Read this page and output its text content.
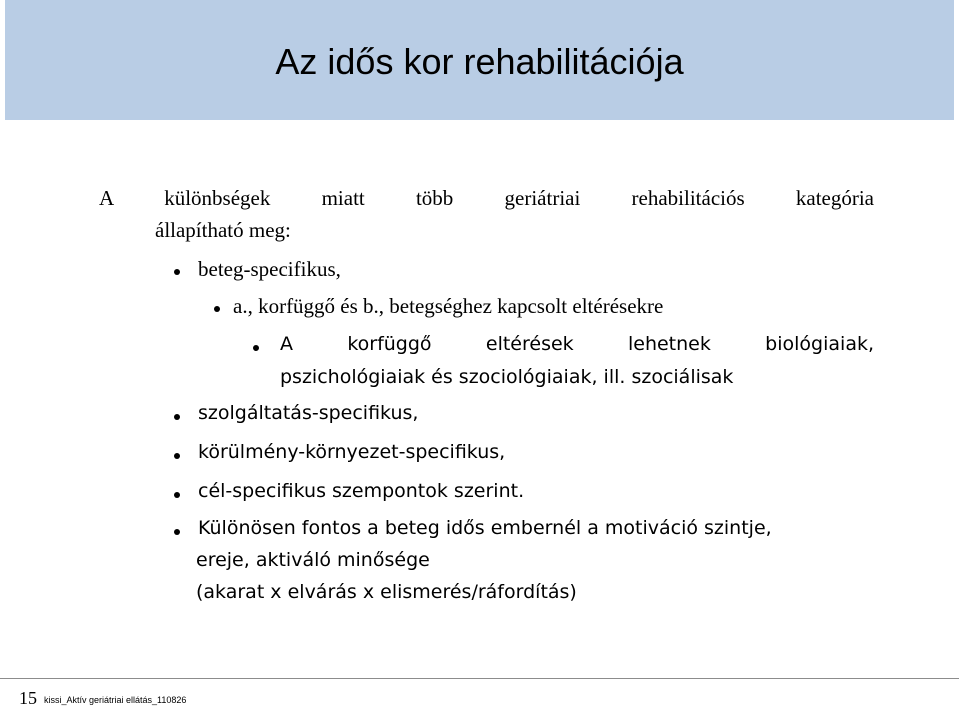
Az idős kor rehabilitációja
A különbségek miatt több geriátriai rehabilitációs kategória
állapítható meg:
beteg-specifikus,
a., korfüggő és b., betegséghez kapcsolt eltérésekre
A korfüggő eltérések lehetnek biológiaiak,
pszichológiaiak és szociológiaiak, ill. szociálisak
szolgáltatás-specifikus,
körülmény-környezet-specifikus,
cél-specifikus szempontok szerint.
Különösen fontos a beteg idős embernél a motiváció szintje,
ereje, aktiváló minősége
(akarat x elvárás x elismerés/ráfordítás)
15 kissi_Aktív geriátriai ellátás_110826
